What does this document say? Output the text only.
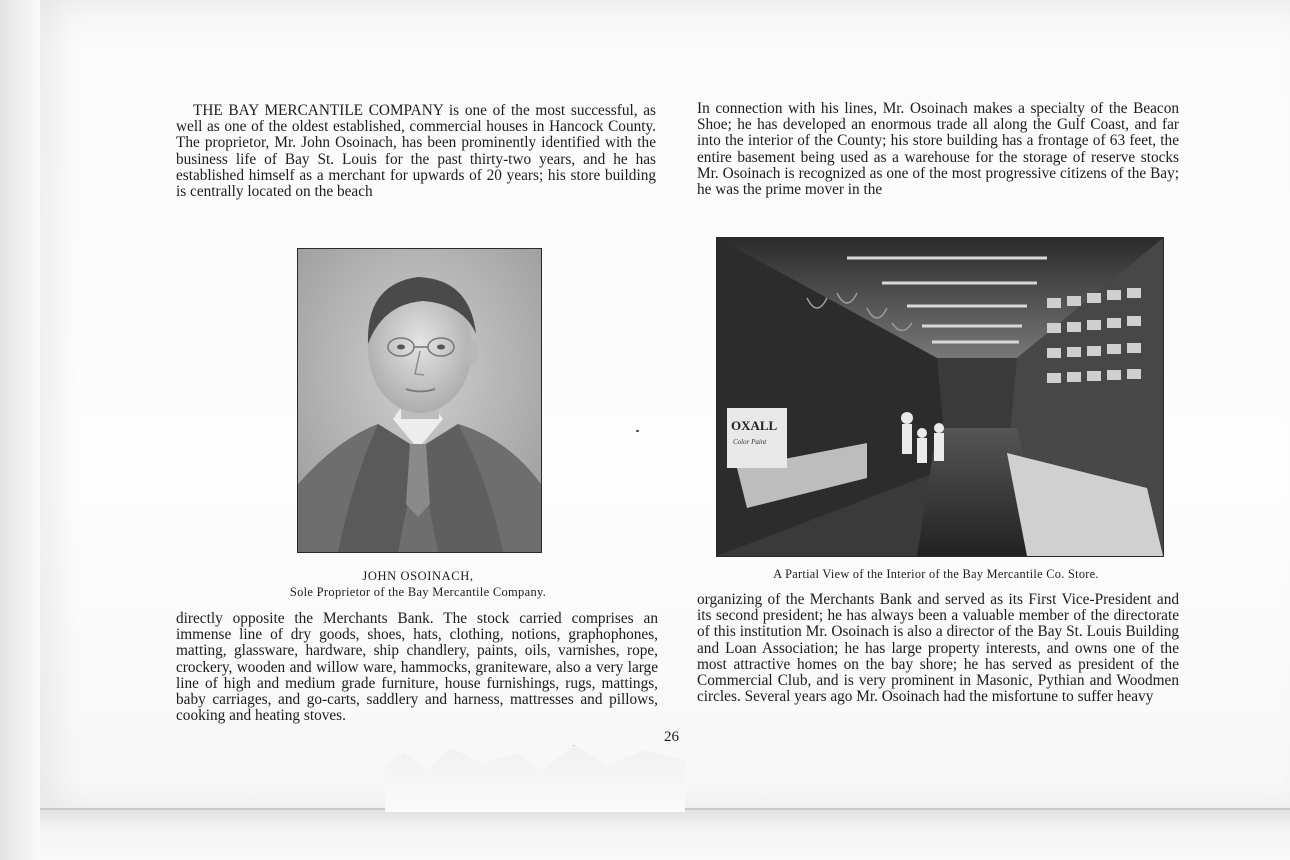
THE BAY MERCANTILE COMPANY is one of the most successful, as well as one of the oldest established, commercial houses in Hancock County. The proprietor, Mr. John Osoinach, has been prominently identified with the business life of Bay St. Louis for the past thirty-two years, and he has established himself as a merchant for upwards of 20 years; his store building is centrally located on the beach

JOHN OSOINACH,
Sole Proprietor of the Bay Mercantile Company.

directly opposite the Merchants Bank. The stock carried comprises an immense line of dry goods, shoes, hats, clothing, notions, graphophones, matting, glassware, hardware, ship chandlery, paints, oils, varnishes, rope, crockery, wooden and willow ware, hammocks, graniteware, also a very large line of high and medium grade furniture, house furnishings, rugs, mattings, baby carriages, and go-carts, saddlery and harness, mattresses and pillows, cooking and heating stoves.

In connection with his lines, Mr. Osoinach makes a specialty of the Beacon Shoe; he has developed an enormous trade all along the Gulf Coast, and far into the interior of the County; his store building has a frontage of 63 feet, the entire basement being used as a warehouse for the storage of reserve stocks Mr. Osoinach is recognized as one of the most progressive citizens of the Bay; he was the prime mover in the

OXALL
Color Paint
A Partial View of the Interior of the Bay Mercantile Co. Store.

organizing of the Merchants Bank and served as its First Vice-President and its second president; he has always been a valuable member of the directorate of this institution Mr. Osoinach is also a director of the Bay St. Louis Building and Loan Association; he has large property interests, and owns one of the most attractive homes on the bay shore; he has served as president of the Commercial Club, and is very prominent in Masonic, Pythian and Woodmen circles. Several years ago Mr. Osoinach had the misfortune to suffer heavy

26
